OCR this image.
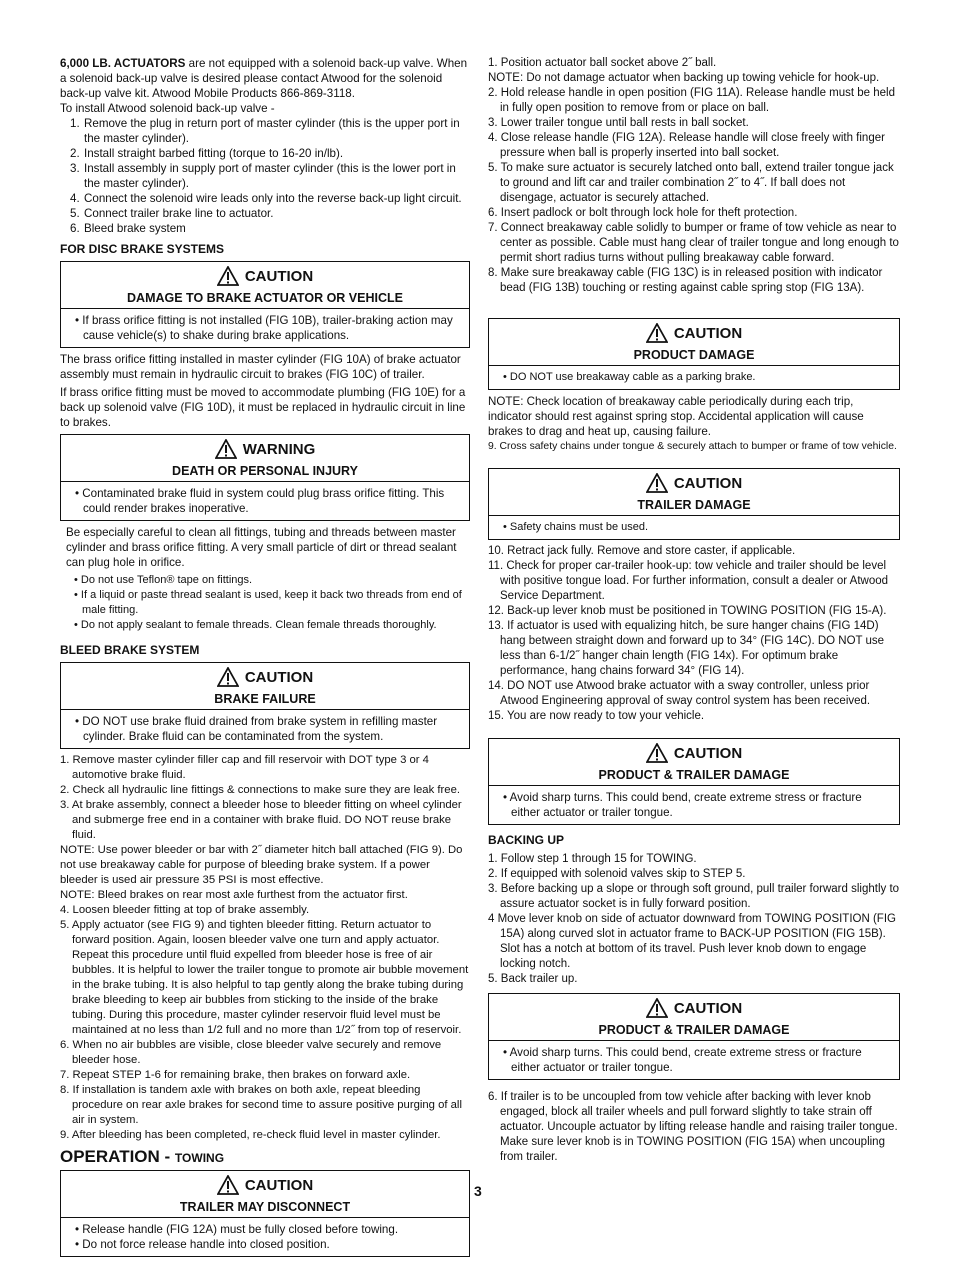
6,000 LB. ACTUATORS are not equipped with a solenoid back-up valve. When a solenoid back-up valve is desired please contact Atwood for the solenoid back-up valve kit. Atwood Mobile Products 866-869-3118.

To install Atwood solenoid back-up valve -

1. Remove the plug in return port of master cylinder (this is the upper port in the master cylinder).
2. Install straight barbed fitting (torque to 16-20 in/lb).
3. Install assembly in supply port of master cylinder (this is the lower port in the master cylinder).
4. Connect the solenoid wire leads only into the reverse back-up light circuit.
5. Connect trailer brake line to actuator.
6. Bleed brake system
FOR DISC BRAKE SYSTEMS
CAUTION
DAMAGE TO BRAKE ACTUATOR OR VEHICLE

• If brass orifice fitting is not installed (FIG 10B), trailer-braking action may cause vehicle(s) to shake during brake applications.

The brass orifice fitting installed in master cylinder (FIG 10A) of brake actuator assembly must remain in hydraulic circuit to brakes (FIG 10C) of trailer.

If brass orifice fitting must be moved to accommodate plumbing (FIG 10E) for a back up solenoid valve (FIG 10D), it must be replaced in hydraulic circuit in line to brakes.

WARNING
DEATH OR PERSONAL INJURY

• Contaminated brake fluid in system could plug brass orifice fitting. This could render brakes inoperative.

Be especially careful to clean all fittings, tubing and threads between master cylinder and brass orifice fitting. A very small particle of dirt or thread sealant can plug hole in orifice.

• Do not use Teflon® tape on fittings.

• If a liquid or paste thread sealant is used, keep it back two threads from end of male fitting.

• Do not apply sealant to female threads. Clean female threads thoroughly.

BLEED BRAKE SYSTEM
CAUTION
BRAKE FAILURE

• DO NOT use brake fluid drained from brake system in refilling master cylinder. Brake fluid can be contaminated from the system.

1. Remove master cylinder filler cap and fill reservoir with DOT type 3 or 4 automotive brake fluid.

2. Check all hydraulic line fittings & connections to make sure they are leak free.

3. At brake assembly, connect a bleeder hose to bleeder fitting on wheel cylinder and submerge free end in a container with brake fluid. DO NOT reuse brake fluid.

NOTE: Use power bleeder or bar with 2˝ diameter hitch ball attached (FIG 9). Do not use breakaway cable for purpose of bleeding brake system. If a power bleeder is used air pressure 35 PSI is most effective.

NOTE: Bleed brakes on rear most axle furthest from the actuator first.

4. Loosen bleeder fitting at top of brake assembly.

5. Apply actuator (see FIG 9) and tighten bleeder fitting. Return actuator to forward position. Again, loosen bleeder valve one turn and apply actuator. Repeat this procedure until fluid expelled from bleeder hose is free of air bubbles. It is helpful to lower the trailer tongue to promote air bubble movement in the brake tubing. It is also helpful to tap gently along the brake tubing during brake bleeding to keep air bubbles from sticking to the inside of the brake tubing. During this procedure, master cylinder reservoir fluid level must be maintained at no less than 1/2 full and no more than 1/2˝ from top of reservoir.

6. When no air bubbles are visible, close bleeder valve securely and remove bleeder hose.

7. Repeat STEP 1-6 for remaining brake, then brakes on forward axle.

8. If installation is tandem axle with brakes on both axle, repeat bleeding procedure on rear axle brakes for second time to assure positive purging of all air in system.

9. After bleeding has been completed, re-check fluid level in master cylinder.

OPERATION - TOWING
CAUTION
TRAILER MAY DISCONNECT

• Release handle (FIG 12A) must be fully closed before towing.

• Do not force release handle into closed position.

1. Position actuator ball socket above 2˝ ball.

NOTE: Do not damage actuator when backing up towing vehicle for hook-up.

2. Hold release handle in open position (FIG 11A). Release handle must be held in fully open position to remove from or place on ball.

3. Lower trailer tongue until ball rests in ball socket.

4. Close release handle (FIG 12A). Release handle will close freely with finger pressure when ball is properly inserted into ball socket.

5. To make sure actuator is securely latched onto ball, extend trailer tongue jack to ground and lift car and trailer combination 2˝ to 4˝. If ball does not disengage, actuator is securely attached.

6. Insert padlock or bolt through lock hole for theft protection.

7. Connect breakaway cable solidly to bumper or frame of tow vehicle as near to center as possible. Cable must hang clear of trailer tongue and long enough to permit short radius turns without pulling breakaway cable forward.

8. Make sure breakaway cable (FIG 13C) is in released position with indicator bead (FIG 13B) touching or resting against cable spring stop (FIG 13A).

CAUTION
PRODUCT DAMAGE

• DO NOT use breakaway cable as a parking brake.

NOTE: Check location of breakaway cable periodically during each trip, indicator should rest against spring stop. Accidental application will cause brakes to drag and heat up, causing failure.

9. Cross safety chains under tongue & securely attach to bumper or frame of tow vehicle.

CAUTION
TRAILER DAMAGE

• Safety chains must be used.

10. Retract jack fully. Remove and store caster, if applicable.

11. Check for proper car-trailer hook-up: tow vehicle and trailer should be level with positive tongue load. For further information, consult a dealer or Atwood Service Department.

12. Back-up lever knob must be positioned in TOWING POSITION (FIG 15-A).

13. If actuator is used with equalizing hitch, be sure hanger chains (FIG 14D) hang between straight down and forward up to 34° (FIG 14C). DO NOT use less than 6-1/2˝ hanger chain length (FIG 14x). For optimum brake performance, hang chains forward 34° (FIG 14).

14. DO NOT use Atwood brake actuator with a sway controller, unless prior Atwood Engineering approval of sway control system has been received.

15. You are now ready to tow your vehicle.

CAUTION
PRODUCT & TRAILER DAMAGE

• Avoid sharp turns. This could bend, create extreme stress or fracture either actuator or trailer tongue.

BACKING UP

1. Follow step 1 through 15 for TOWING.

2. If equipped with solenoid valves skip to STEP 5.

3. Before backing up a slope or through soft ground, pull trailer forward slightly to assure actuator socket is in fully forward position.

4 Move lever knob on side of actuator downward from TOWING POSITION (FIG 15A) along curved slot in actuator frame to BACK-UP POSITION (FIG 15B). Slot has a notch at bottom of its travel. Push lever knob down to engage locking notch.

5. Back trailer up.

CAUTION
PRODUCT & TRAILER DAMAGE

• Avoid sharp turns. This could bend, create extreme stress or fracture either actuator or trailer tongue.

6. If trailer is to be uncoupled from tow vehicle after backing with lever knob engaged, block all trailer wheels and pull forward slightly to take strain off actuator. Uncouple actuator by lifting release handle and raising trailer tongue. Make sure lever knob is in TOWING POSITION (FIG 15A) when uncoupling from trailer.

3
